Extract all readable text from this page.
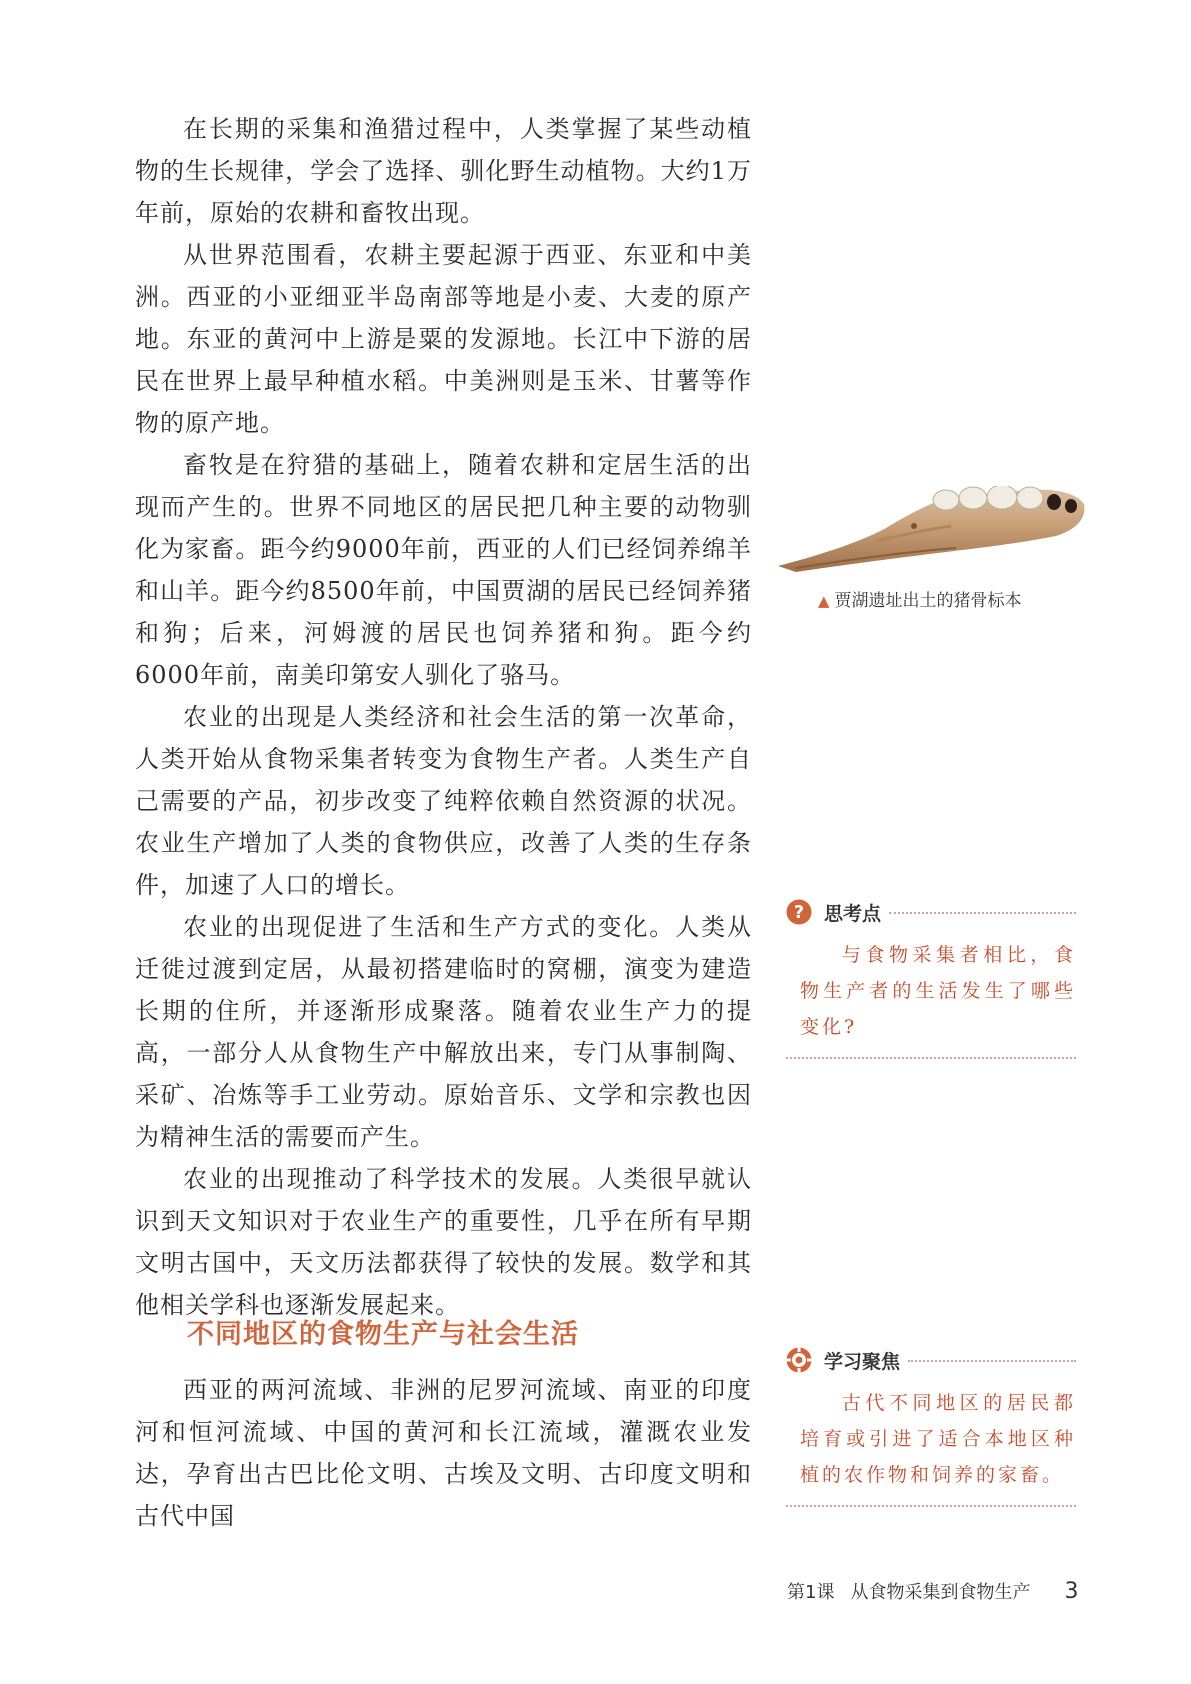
在长期的采集和渔猎过程中，人类掌握了某些动植物的生长规律，学会了选择、驯化野生动植物。大约1万年前，原始的农耕和畜牧出现。

从世界范围看，农耕主要起源于西亚、东亚和中美洲。西亚的小亚细亚半岛南部等地是小麦、大麦的原产地。东亚的黄河中上游是粟的发源地。长江中下游的居民在世界上最早种植水稻。中美洲则是玉米、甘薯等作物的原产地。

畜牧是在狩猎的基础上，随着农耕和定居生活的出现而产生的。世界不同地区的居民把几种主要的动物驯化为家畜。距今约9000年前，西亚的人们已经饲养绵羊和山羊。距今约8500年前，中国贾湖的居民已经饲养猪和狗；后来，河姆渡的居民也饲养猪和狗。距今约 6000年前，南美印第安人驯化了骆马。

农业的出现是人类经济和社会生活的第一次革命，人类开始从食物采集者转变为食物生产者。人类生产自己需要的产品，初步改变了纯粹依赖自然资源的状况。农业生产增加了人类的食物供应，改善了人类的生存条件，加速了人口的增长。

农业的出现促进了生活和生产方式的变化。人类从迁徙过渡到定居，从最初搭建临时的窝棚，演变为建造长期的住所，并逐渐形成聚落。随着农业生产力的提高，一部分人从食物生产中解放出来，专门从事制陶、采矿、冶炼等手工业劳动。原始音乐、文学和宗教也因为精神生活的需要而产生。

农业的出现推动了科学技术的发展。人类很早就认识到天文知识对于农业生产的重要性，几乎在所有早期文明古国中，天文历法都获得了较快的发展。数学和其他相关学科也逐渐发展起来。

不同地区的食物生产与社会生活

西亚的两河流域、非洲的尼罗河流域、南亚的印度河和恒河流域、中国的黄河和长江流域，灌溉农业发达，孕育出古巴比伦文明、古埃及文明、古印度文明和古代中国

▲ 贾湖遗址出土的猪骨标本
? 思考点
与食物采集者相比，食物生产者的生活发生了哪些变化?
学习聚焦
古代不同地区的居民都培育或引进了适合本地区种植的农作物和饲养的家畜。
第1课 从食物采集到食物生产 3
